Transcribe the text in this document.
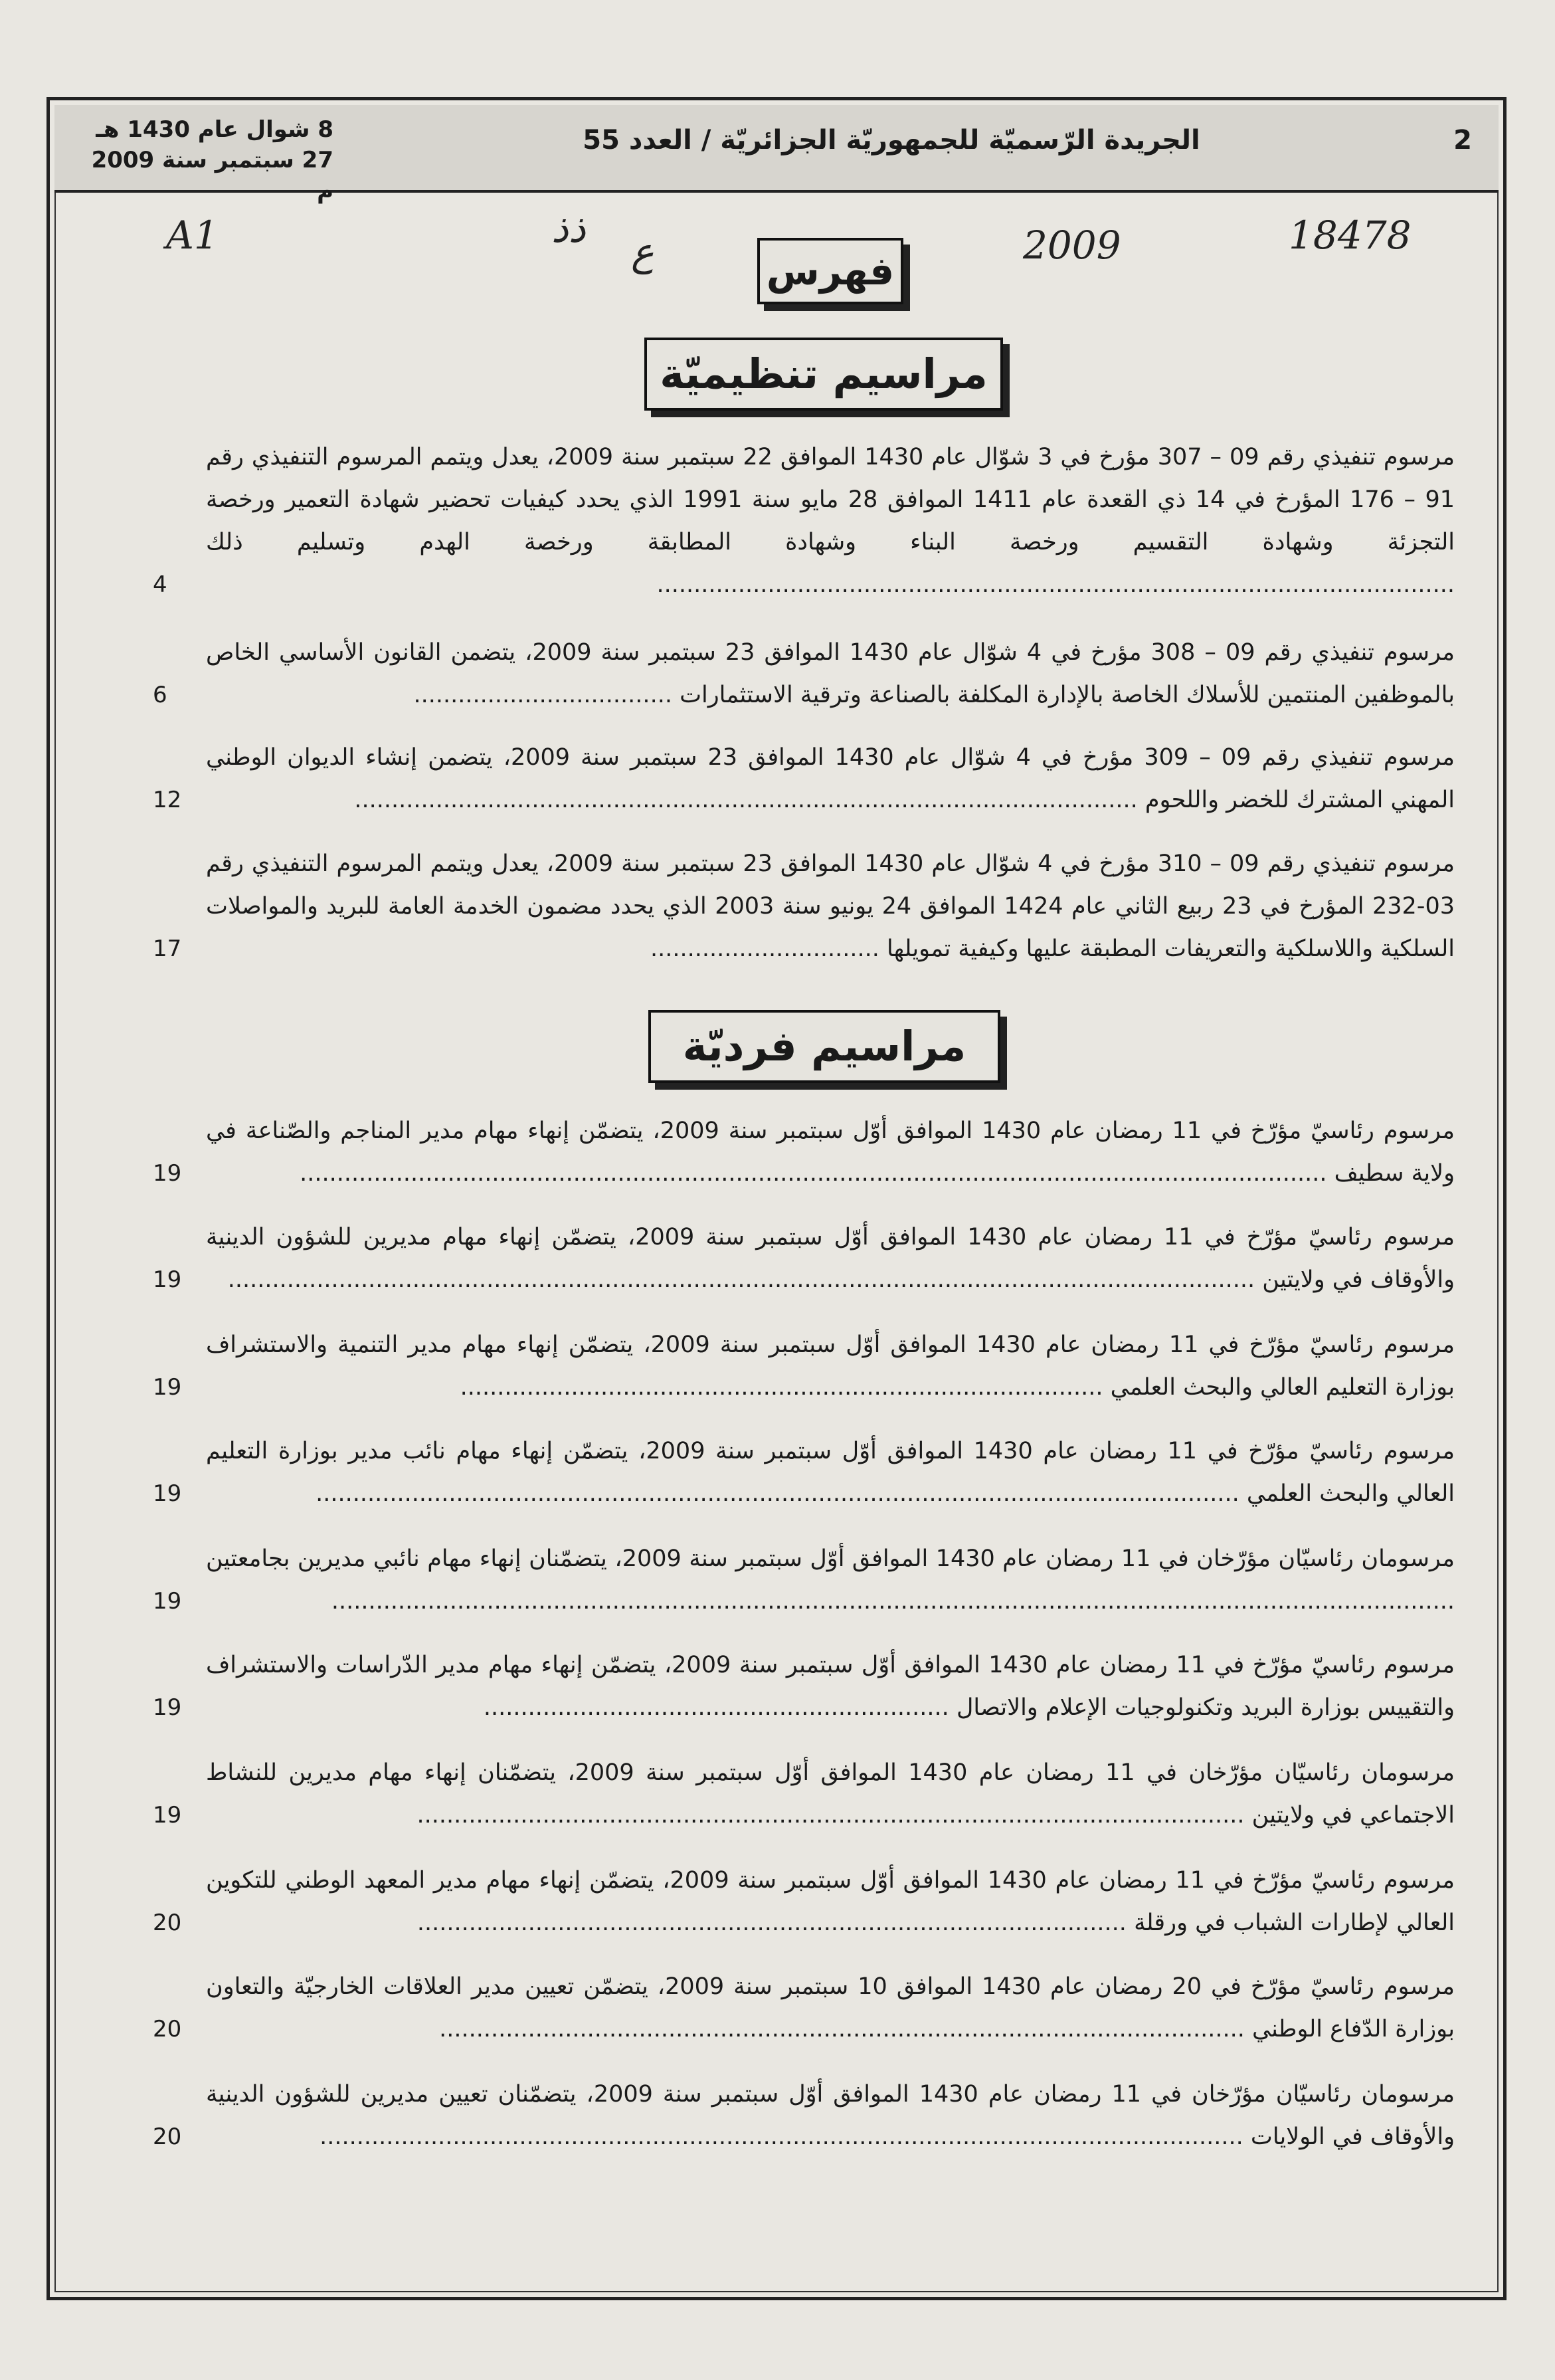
8 شوال عام 1430 هـ
27 سبتمبر سنة 2009 م
الجريدة الرّسميّة للجمهوريّة الجزائريّة / العدد 55	2
A1	ذذ
ع	2009	18478
فهرس
مراسيم تنظيميّة
مراسيم فرديّة
مرسوم تنفيذي رقم 09 – 307 مؤرخ في 3 شوّال عام 1430 الموافق 22 سبتمبر سنة 2009، يعدل ويتمم المرسوم التنفيذي رقم 91 – 176 المؤرخ في 14 ذي القعدة عام 1411 الموافق 28 مايو سنة 1991 الذي يحدد كيفيات تحضير شهادة التعمير ورخصة التجزئة وشهادة التقسيم ورخصة البناء وشهادة المطابقة ورخصة الهدم وتسليم ذلك ............................................................................................................
4
مرسوم تنفيذي رقم 09 – 308 مؤرخ في 4 شوّال عام 1430 الموافق 23 سبتمبر سنة 2009، يتضمن القانون الأساسي الخاص بالموظفين المنتمين للأسلاك الخاصة بالإدارة المكلفة بالصناعة وترقية الاستثمارات ...................................
6
مرسوم تنفيذي رقم 09 – 309 مؤرخ في 4 شوّال عام 1430 الموافق 23 سبتمبر سنة 2009، يتضمن إنشاء الديوان الوطني المهني المشترك للخضر واللحوم ..........................................................................................................
12
مرسوم تنفيذي رقم 09 – 310 مؤرخ في 4 شوّال عام 1430 الموافق 23 سبتمبر سنة 2009، يعدل ويتمم المرسوم التنفيذي رقم 03-232 المؤرخ في 23 ربيع الثاني عام 1424 الموافق 24 يونيو سنة 2003 الذي يحدد مضمون الخدمة العامة للبريد والمواصلات السلكية واللاسلكية والتعريفات المطبقة عليها وكيفية تمويلها ...............................
17
مرسوم رئاسيّ مؤرّخ في 11 رمضان عام 1430 الموافق أوّل سبتمبر سنة 2009، يتضمّن إنهاء مهام مدير المناجم والصّناعة في ولاية سطيف ...........................................................................................................................................
19
مرسوم رئاسيّ مؤرّخ في 11 رمضان عام 1430 الموافق أوّل سبتمبر سنة 2009، يتضمّن إنهاء مهام مديرين للشؤون الدينية والأوقاف في ولايتين ...........................................................................................................................................
19
مرسوم رئاسيّ مؤرّخ في 11 رمضان عام 1430 الموافق أوّل سبتمبر سنة 2009، يتضمّن إنهاء مهام مدير التنمية والاستشراف بوزارة التعليم العالي والبحث العلمي .......................................................................................
19
مرسوم رئاسيّ مؤرّخ في 11 رمضان عام 1430 الموافق أوّل سبتمبر سنة 2009، يتضمّن إنهاء مهام نائب مدير بوزارة التعليم العالي والبحث العلمي .............................................................................................................................
19
مرسومان رئاسيّان مؤرّخان في 11 رمضان عام 1430 الموافق أوّل سبتمبر سنة 2009، يتضمّنان إنهاء مهام نائبي مديرين بجامعتين ........................................................................................................................................................
19
مرسوم رئاسيّ مؤرّخ في 11 رمضان عام 1430 الموافق أوّل سبتمبر سنة 2009، يتضمّن إنهاء مهام مدير الدّراسات والاستشراف والتقييس بوزارة البريد وتكنولوجيات الإعلام والاتصال ...............................................................
19
مرسومان رئاسيّان مؤرّخان في 11 رمضان عام 1430 الموافق أوّل سبتمبر سنة 2009، يتضمّنان إنهاء مهام مديرين للنشاط الاجتماعي في ولايتين ................................................................................................................
19
مرسوم رئاسيّ مؤرّخ في 11 رمضان عام 1430 الموافق أوّل سبتمبر سنة 2009، يتضمّن إنهاء مهام مدير المعهد الوطني للتكوين العالي لإطارات الشباب في ورقلة ................................................................................................
20
مرسوم رئاسيّ مؤرّخ في 20 رمضان عام 1430 الموافق 10 سبتمبر سنة 2009، يتضمّن تعيين مدير العلاقات الخارجيّة والتعاون بوزارة الدّفاع الوطني .............................................................................................................
20
مرسومان رئاسيّان مؤرّخان في 11 رمضان عام 1430 الموافق أوّل سبتمبر سنة 2009، يتضمّنان تعيين مديرين للشؤون الدينية والأوقاف في الولايات .............................................................................................................................
20
